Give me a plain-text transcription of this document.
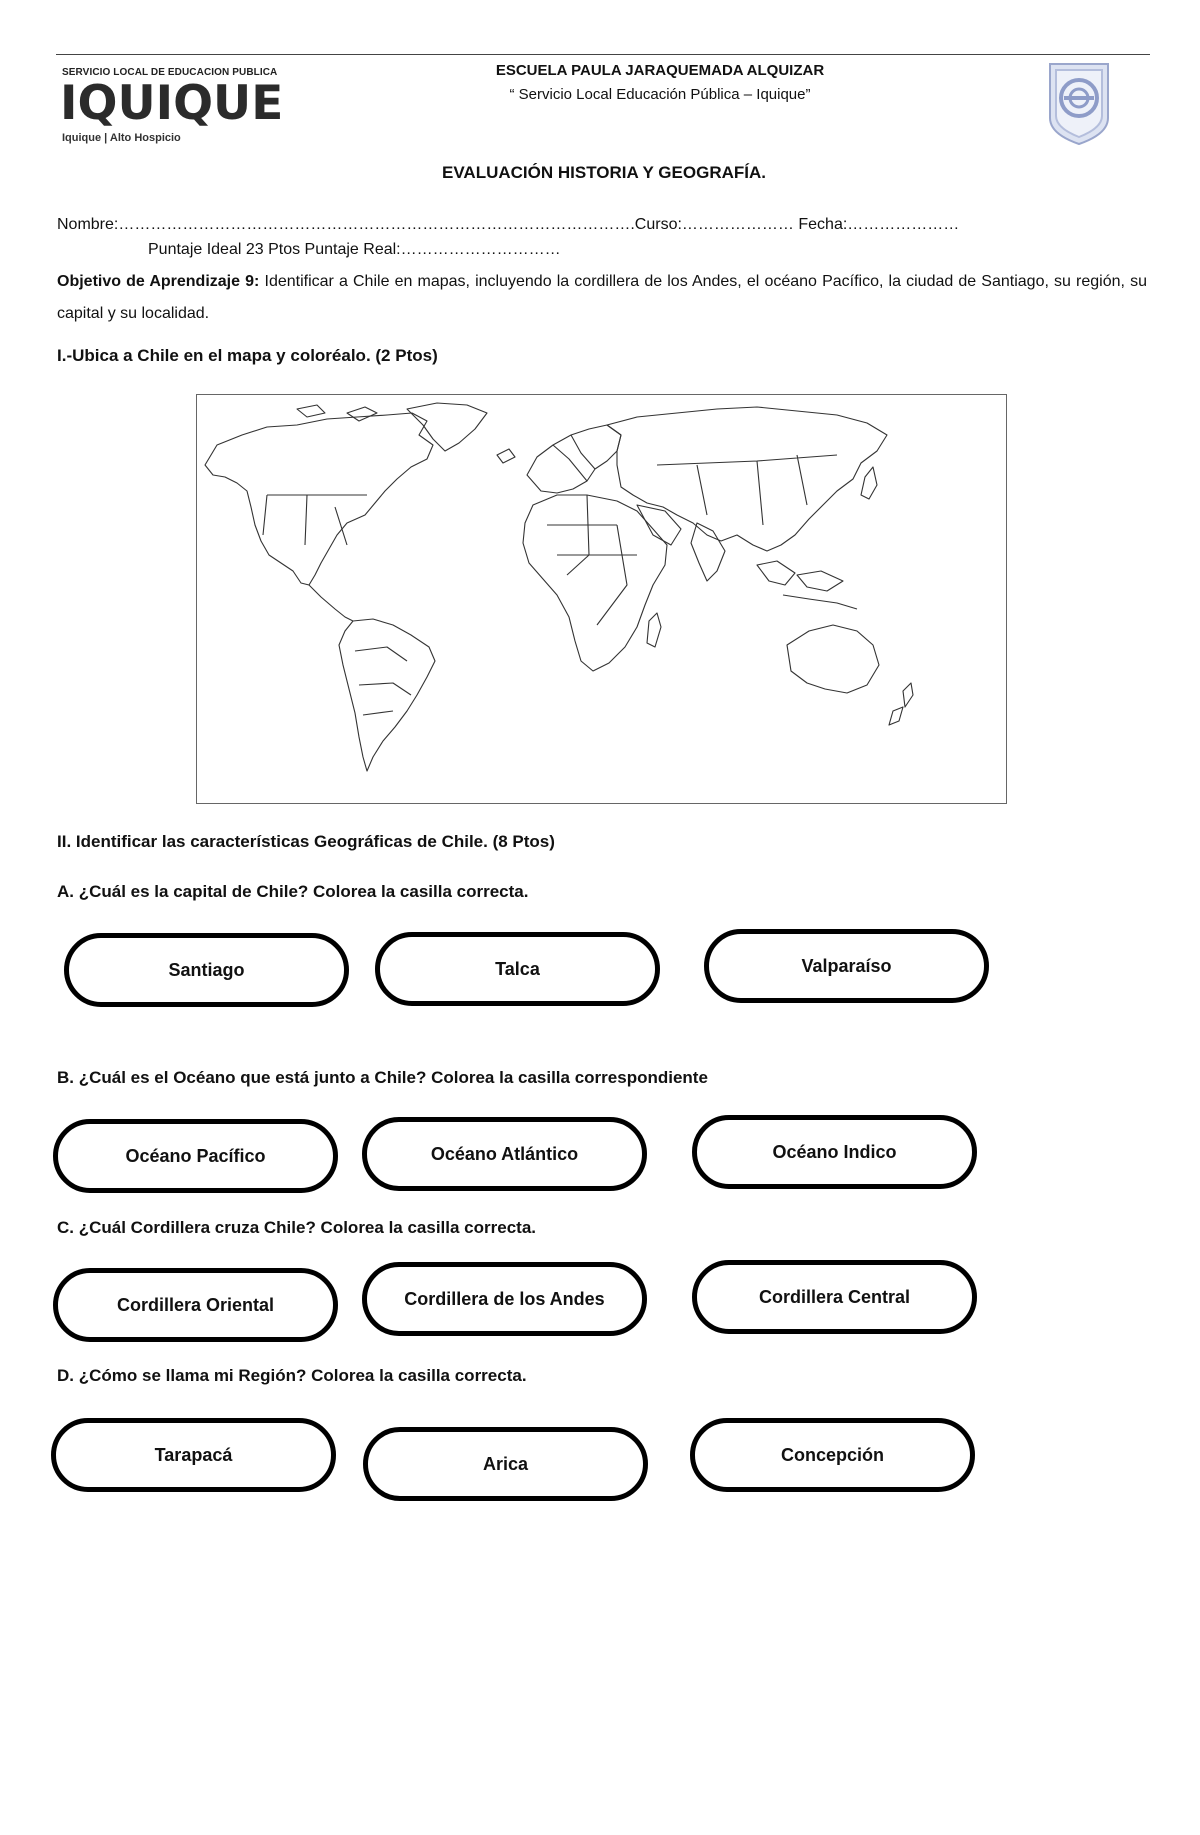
SERVICIO LOCAL DE EDUCACION PUBLICA
IQUIQUE
Iquique | Alto Hospicio
ESCUELA PAULA JARAQUEMADA ALQUIZAR
“ Servicio Local Educación Pública – Iquique”
EVALUACIÓN HISTORIA Y GEOGRAFÍA.
Nombre:…………………………………………………………………………………….Curso:………………… Fecha:…………………
Puntaje Ideal 23 Ptos Puntaje Real:…………………………
Objetivo de Aprendizaje 9: Identificar a Chile en mapas, incluyendo la cordillera de los Andes, el océano Pacífico, la ciudad de Santiago, su región, su capital y su localidad.
I.-Ubica a Chile en el mapa y coloréalo. (2 Ptos)
II. Identificar las características Geográficas de Chile. (8 Ptos)
A. ¿Cuál es la capital de Chile? Colorea la casilla correcta.
Santiago	Talca	Valparaíso
B. ¿Cuál es el Océano que está junto a Chile? Colorea la casilla correspondiente
Océano Pacífico	Océano Atlántico	Océano Indico
C. ¿Cuál Cordillera cruza Chile? Colorea la casilla correcta.
Cordillera Oriental	Cordillera de los Andes	Cordillera Central
D. ¿Cómo se llama mi Región? Colorea la casilla correcta.
Tarapacá	Arica	Concepción
